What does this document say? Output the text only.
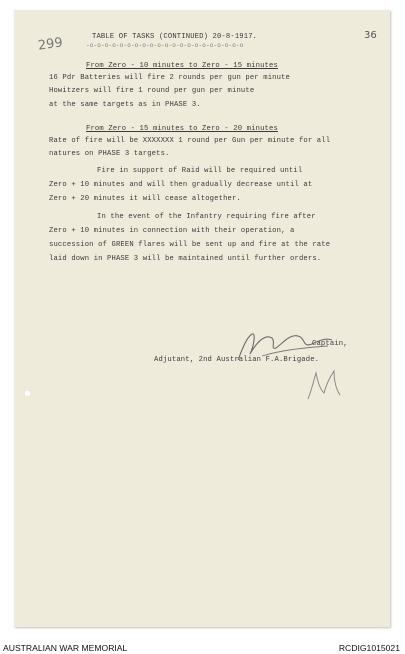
299	36
TABLE OF TASKS (CONTINUED) 20-8-1917.
-o-o-o-o-o-o-o-o-o-o-o-o-o-o-o-o-o-o-o-o-o
From Zero - 10 minutes to Zero - 15 minutes
16 Pdr Batteries will fire 2 rounds per gun per minute
Howitzers will fire 1 round per gun per minute
at the same targets as in PHASE 3.
From Zero - 15 minutes to Zero - 20 minutes
Rate of fire will be XXXXXXX 1 round per Gun per minute for all
natures on PHASE 3 targets.
Fire in support of Raid will be required until
Zero + 10 minutes and will then gradually decrease until at
Zero + 20 minutes it will cease altogether.
In the event of the Infantry requiring fire after
Zero + 10 minutes in connection with their operation, a
succession of GREEN flares will be sent up and fire at the rate
laid down in PHASE 3 will be maintained until further orders.
Captain,
Adjutant, 2nd Australian F.A.Brigade.
AUSTRALIAN WAR MEMORIAL	RCDIG1015021
